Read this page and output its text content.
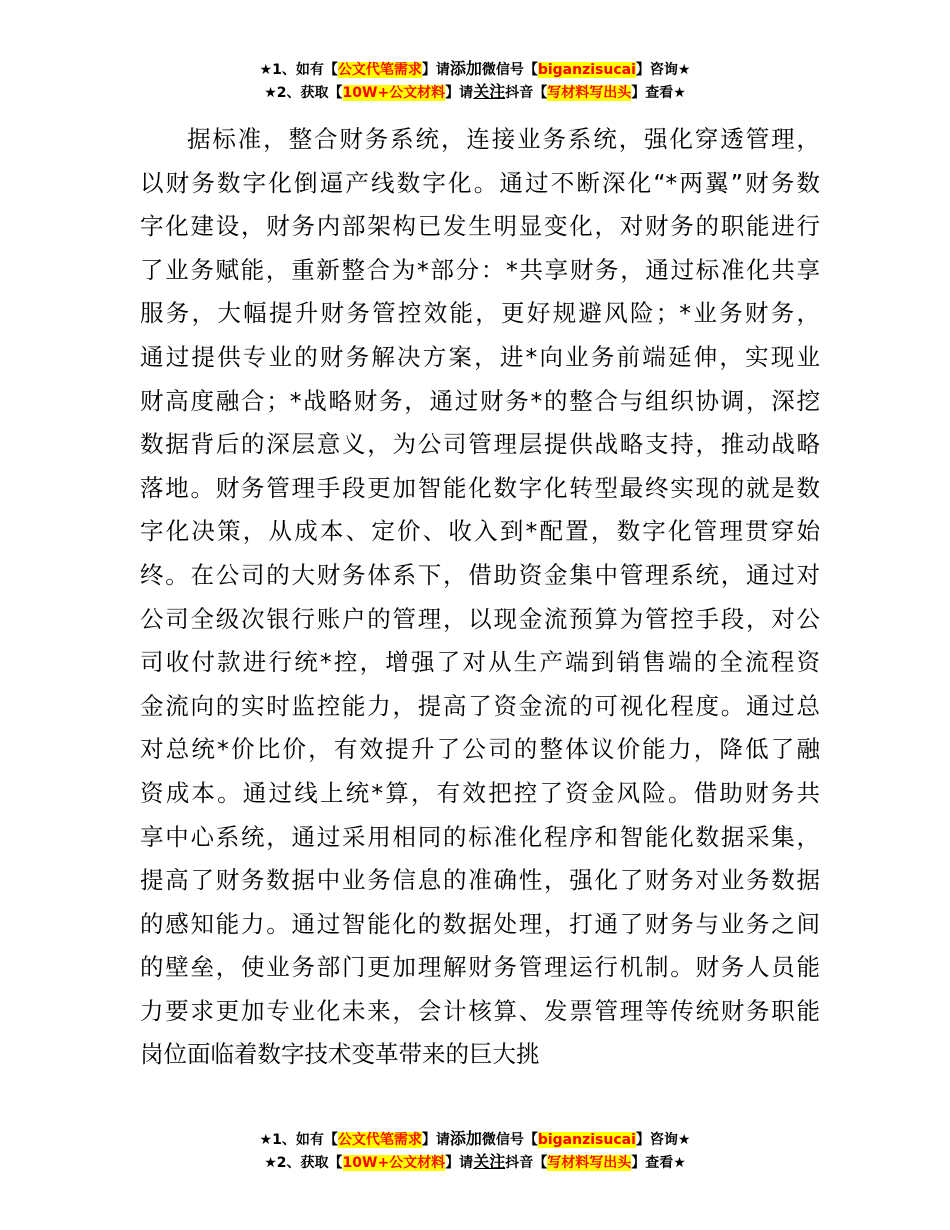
★1、如有【公文代笔需求】请添加微信号【biganzisucai】咨询★
★2、获取【10W+公文材料】请关注抖音【写材料写出头】查看★

据标准，整合财务系统，连接业务系统，强化穿透管理，
以财务数字化倒逼产线数字化。通过不断深化“*两翼”财务数
字化建设，财务内部架构已发生明显变化，对财务的职能进行
了业务赋能，重新整合为*部分：*共享财务，通过标准化共享
服务，大幅提升财务管控效能，更好规避风险；*业务财务，
通过提供专业的财务解决方案，进*向业务前端延伸，实现业
财高度融合；*战略财务，通过财务*的整合与组织协调，深挖
数据背后的深层意义，为公司管理层提供战略支持，推动战略
落地。财务管理手段更加智能化数字化转型最终实现的就是数
字化决策，从成本、定价、收入到*配置，数字化管理贯穿始
终。在公司的大财务体系下，借助资金集中管理系统，通过对
公司全级次银行账户的管理，以现金流预算为管控手段，对公
司收付款进行统*控，增强了对从生产端到销售端的全流程资
金流向的实时监控能力，提高了资金流的可视化程度。通过总
对总统*价比价，有效提升了公司的整体议价能力，降低了融
资成本。通过线上统*算，有效把控了资金风险。借助财务共
享中心系统，通过采用相同的标准化程序和智能化数据采集，
提高了财务数据中业务信息的准确性，强化了财务对业务数据
的感知能力。通过智能化的数据处理，打通了财务与业务之间
的壁垒，使业务部门更加理解财务管理运行机制。财务人员能
力要求更加专业化未来，会计核算、发票管理等传统财务职能
岗位面临着数字技术变革带来的巨大挑

★1、如有【公文代笔需求】请添加微信号【biganzisucai】咨询★
★2、获取【10W+公文材料】请关注抖音【写材料写出头】查看★
